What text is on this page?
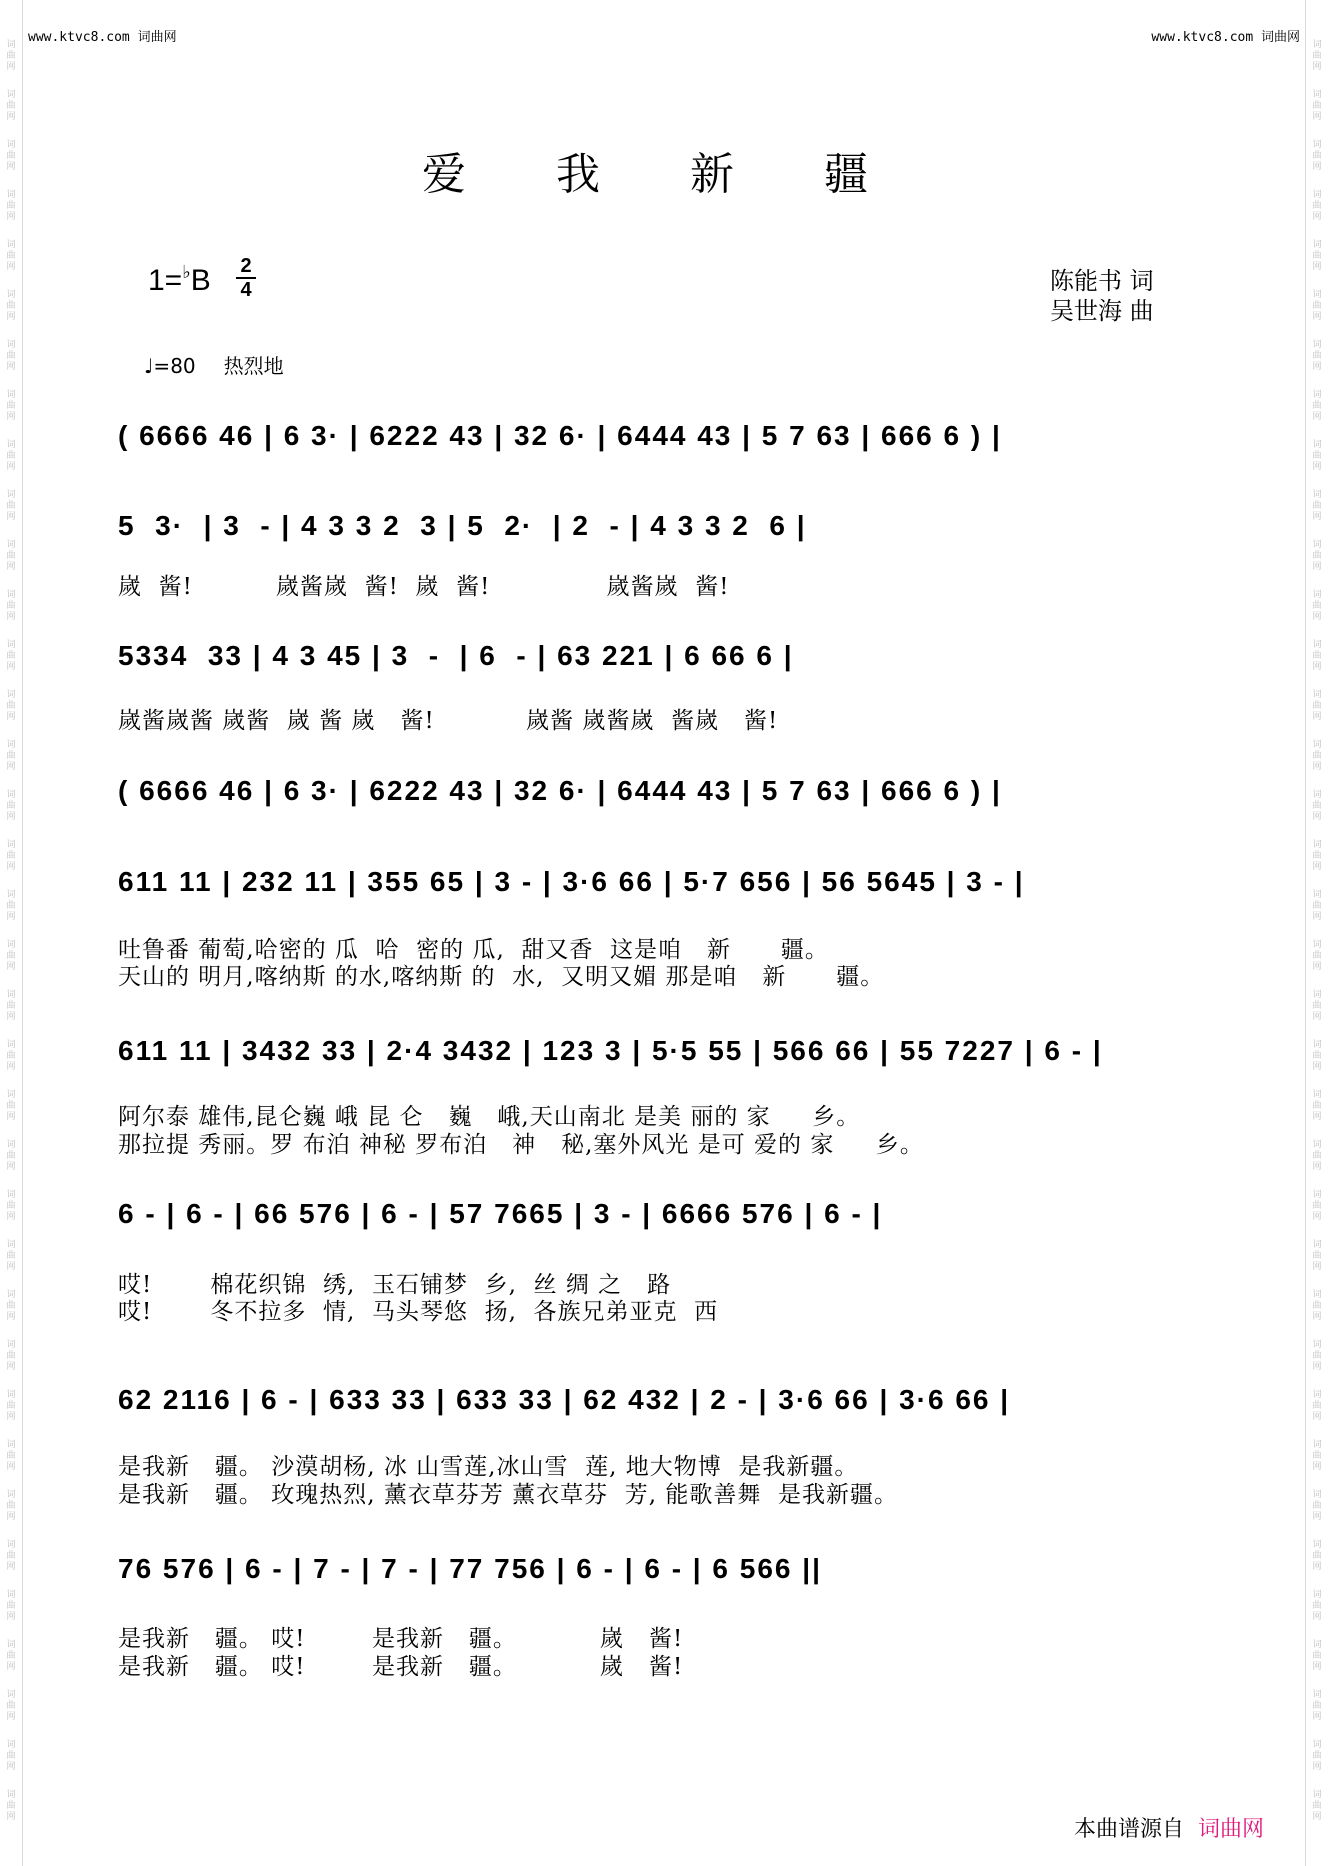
词
曲
网
词
曲
网
词
曲
网
词
曲
网
词
曲
网
词
曲
网
词
曲
网
词
曲
网
词
曲
网
词
曲
网
词
曲
网
词
曲
网
词
曲
网
词
曲
网
词
曲
网
词
曲
网
词
曲
网
词
曲
网
词
曲
网
词
曲
网
词
曲
网
词
曲
网
词
曲
网
词
曲
网
词
曲
网
词
曲
网
词
曲
网
词
曲
网
词
曲
网
词
曲
网
词
曲
网
词
曲
网
词
曲
网
词
曲
网
词
曲
网
词
曲
网
词
曲
网
词
曲
网
词
曲
网
词
曲
网
词
曲
网
词
曲
网
词
曲
网
词
曲
网
词
曲
网
词
曲
网
词
曲
网
词
曲
网
词
曲
网
词
曲
网
词
曲
网
词
曲
网
词
曲
网
词
曲
网
词
曲
网
词
曲
网
词
曲
网
词
曲
网
词
曲
网
词
曲
网
词
曲
网
词
曲
网
词
曲
网
词
曲
网
词
曲
网
词
曲
网
词
曲
网
词
曲
网
词
曲
网
词
曲
网
词
曲
网
词
曲
网
www.ktvc8.com 词曲网	www.ktvc8.com 词曲网
爱 我 新 疆
1=♭B 2
4	陈能书 词
吴世海 曲
♩=80 热烈地
( 6666 46 | 6 3· | 6222 43 | 32 6· | 6444 43 | 5 7 63 | 666 6 ) |
5  3·  | 3  - | 4 3 3 2  3 | 5  2·  | 2  - | 4 3 3 2  6 |
嵗  酱!          嵗酱嵗  酱!  嵗  酱!              嵗酱嵗  酱!
5334  33 | 4 3 45 | 3  -  | 6  - | 63 221 | 6 66 6 |
嵗酱嵗酱 嵗酱  嵗 酱 嵗   酱!           嵗酱 嵗酱嵗  酱嵗   酱!
( 6666 46 | 6 3· | 6222 43 | 32 6· | 6444 43 | 5 7 63 | 666 6 ) |
611 11 | 232 11 | 355 65 | 3 - | 3·6 66 | 5·7 656 | 56 5645 | 3 - |
吐鲁番 葡萄,哈密的 瓜  哈  密的 瓜,  甜又香  这是咱   新      疆。
天山的 明月,喀纳斯 的水,喀纳斯 的  水,  又明又媚 那是咱   新      疆。
611 11 | 3432 33 | 2·4 3432 | 123 3 | 5·5 55 | 566 66 | 55 7227 | 6 - |
阿尔泰 雄伟,昆仑巍 峨 昆 仑   巍   峨,天山南北 是美 丽的 家     乡。
那拉提 秀丽。罗 布泊 神秘 罗布泊   神   秘,塞外风光 是可 爱的 家     乡。
6 - | 6 - | 66 576 | 6 - | 57 7665 | 3 - | 6666 576 | 6 - |
哎!       棉花织锦  绣,  玉石铺梦  乡,  丝 绸 之   路
哎!       冬不拉多  情,  马头琴悠  扬,  各族兄弟亚克  西
62 2116 | 6 - | 633 33 | 633 33 | 62 432 | 2 - | 3·6 66 | 3·6 66 |
是我新   疆。 沙漠胡杨, 冰 山雪莲,冰山雪  莲, 地大物博  是我新疆。
是我新   疆。 玫瑰热烈, 薰衣草芬芳 薰衣草芬  芳, 能歌善舞  是我新疆。
76 576 | 6 - | 7 - | 7 - | 77 756 | 6 - | 6 - | 6 566 ||
是我新   疆。 哎!        是我新   疆。          嵗   酱!
是我新   疆。 哎!        是我新   疆。          嵗   酱!
本曲谱源自 词曲网
